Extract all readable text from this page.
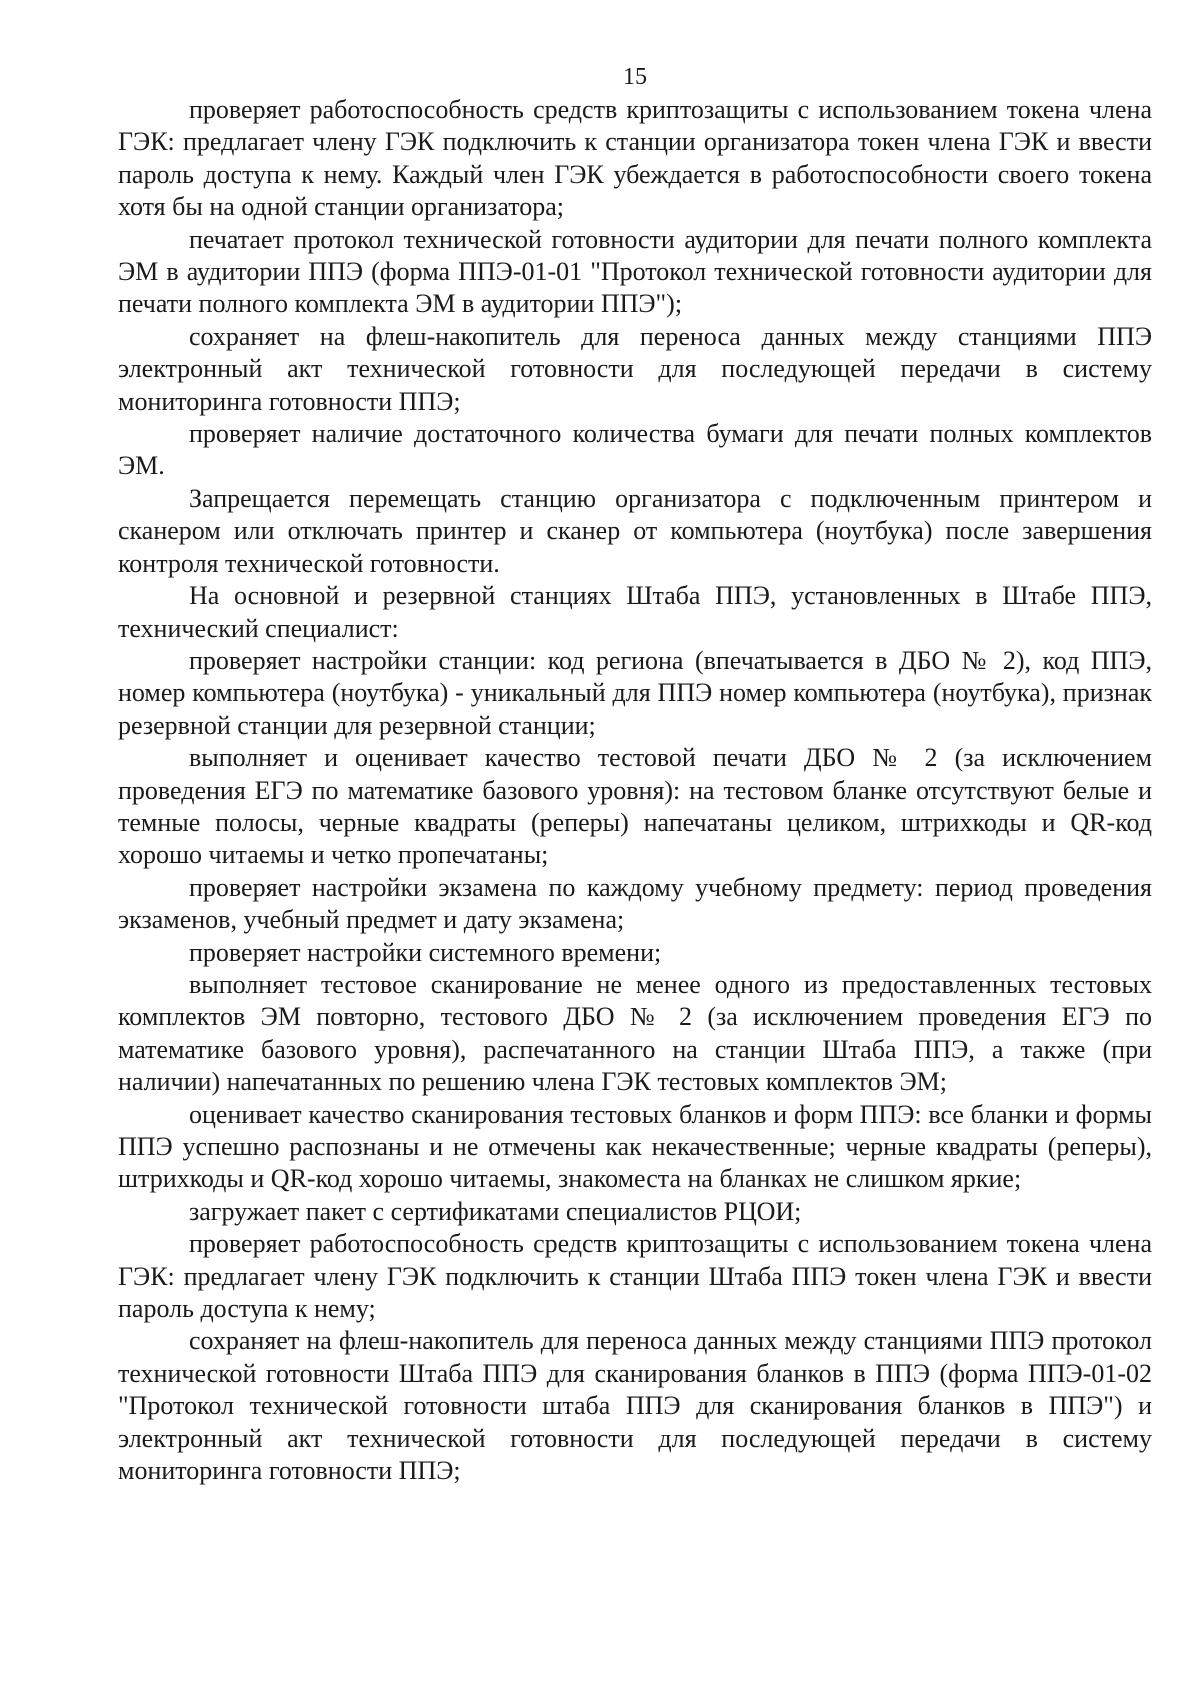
15

проверяет работоспособность средств криптозащиты с использованием токена члена ГЭК: предлагает члену ГЭК подключить к станции организатора токен члена ГЭК и ввести пароль доступа к нему. Каждый член ГЭК убеждается в работоспособности своего токена хотя бы на одной станции организатора;

печатает протокол технической готовности аудитории для печати полного комплекта ЭМ в аудитории ППЭ (форма ППЭ-01-01 "Протокол технической готовности аудитории для печати полного комплекта ЭМ в аудитории ППЭ");

сохраняет на флеш-накопитель для переноса данных между станциями ППЭ электронный акт технической готовности для последующей передачи в систему мониторинга готовности ППЭ;

проверяет наличие достаточного количества бумаги для печати полных комплектов ЭМ.

Запрещается перемещать станцию организатора с подключенным принтером и сканером или отключать принтер и сканер от компьютера (ноутбука) после завершения контроля технической готовности.

На основной и резервной станциях Штаба ППЭ, установленных в Штабе ППЭ, технический специалист:

проверяет настройки станции: код региона (впечатывается в ДБО № 2), код ППЭ, номер компьютера (ноутбука) - уникальный для ППЭ номер компьютера (ноутбука), признак резервной станции для резервной станции;

выполняет и оценивает качество тестовой печати ДБО № 2 (за исключением проведения ЕГЭ по математике базового уровня): на тестовом бланке отсутствуют белые и темные полосы, черные квадраты (реперы) напечатаны целиком, штрихкоды и QR-код хорошо читаемы и четко пропечатаны;

проверяет настройки экзамена по каждому учебному предмету: период проведения экзаменов, учебный предмет и дату экзамена;

проверяет настройки системного времени;

выполняет тестовое сканирование не менее одного из предоставленных тестовых комплектов ЭМ повторно, тестового ДБО № 2 (за исключением проведения ЕГЭ по математике базового уровня), распечатанного на станции Штаба ППЭ, а также (при наличии) напечатанных по решению члена ГЭК тестовых комплектов ЭМ;

оценивает качество сканирования тестовых бланков и форм ППЭ: все бланки и формы ППЭ успешно распознаны и не отмечены как некачественные; черные квадраты (реперы), штрихкоды и QR-код хорошо читаемы, знакоместа на бланках не слишком яркие;

загружает пакет с сертификатами специалистов РЦОИ;

проверяет работоспособность средств криптозащиты с использованием токена члена ГЭК: предлагает члену ГЭК подключить к станции Штаба ППЭ токен члена ГЭК и ввести пароль доступа к нему;

сохраняет на флеш-накопитель для переноса данных между станциями ППЭ протокол технической готовности Штаба ППЭ для сканирования бланков в ППЭ (форма ППЭ-01-02 "Протокол технической готовности штаба ППЭ для сканирования бланков в ППЭ") и электронный акт технической готовности для последующей передачи в систему мониторинга готовности ППЭ;
